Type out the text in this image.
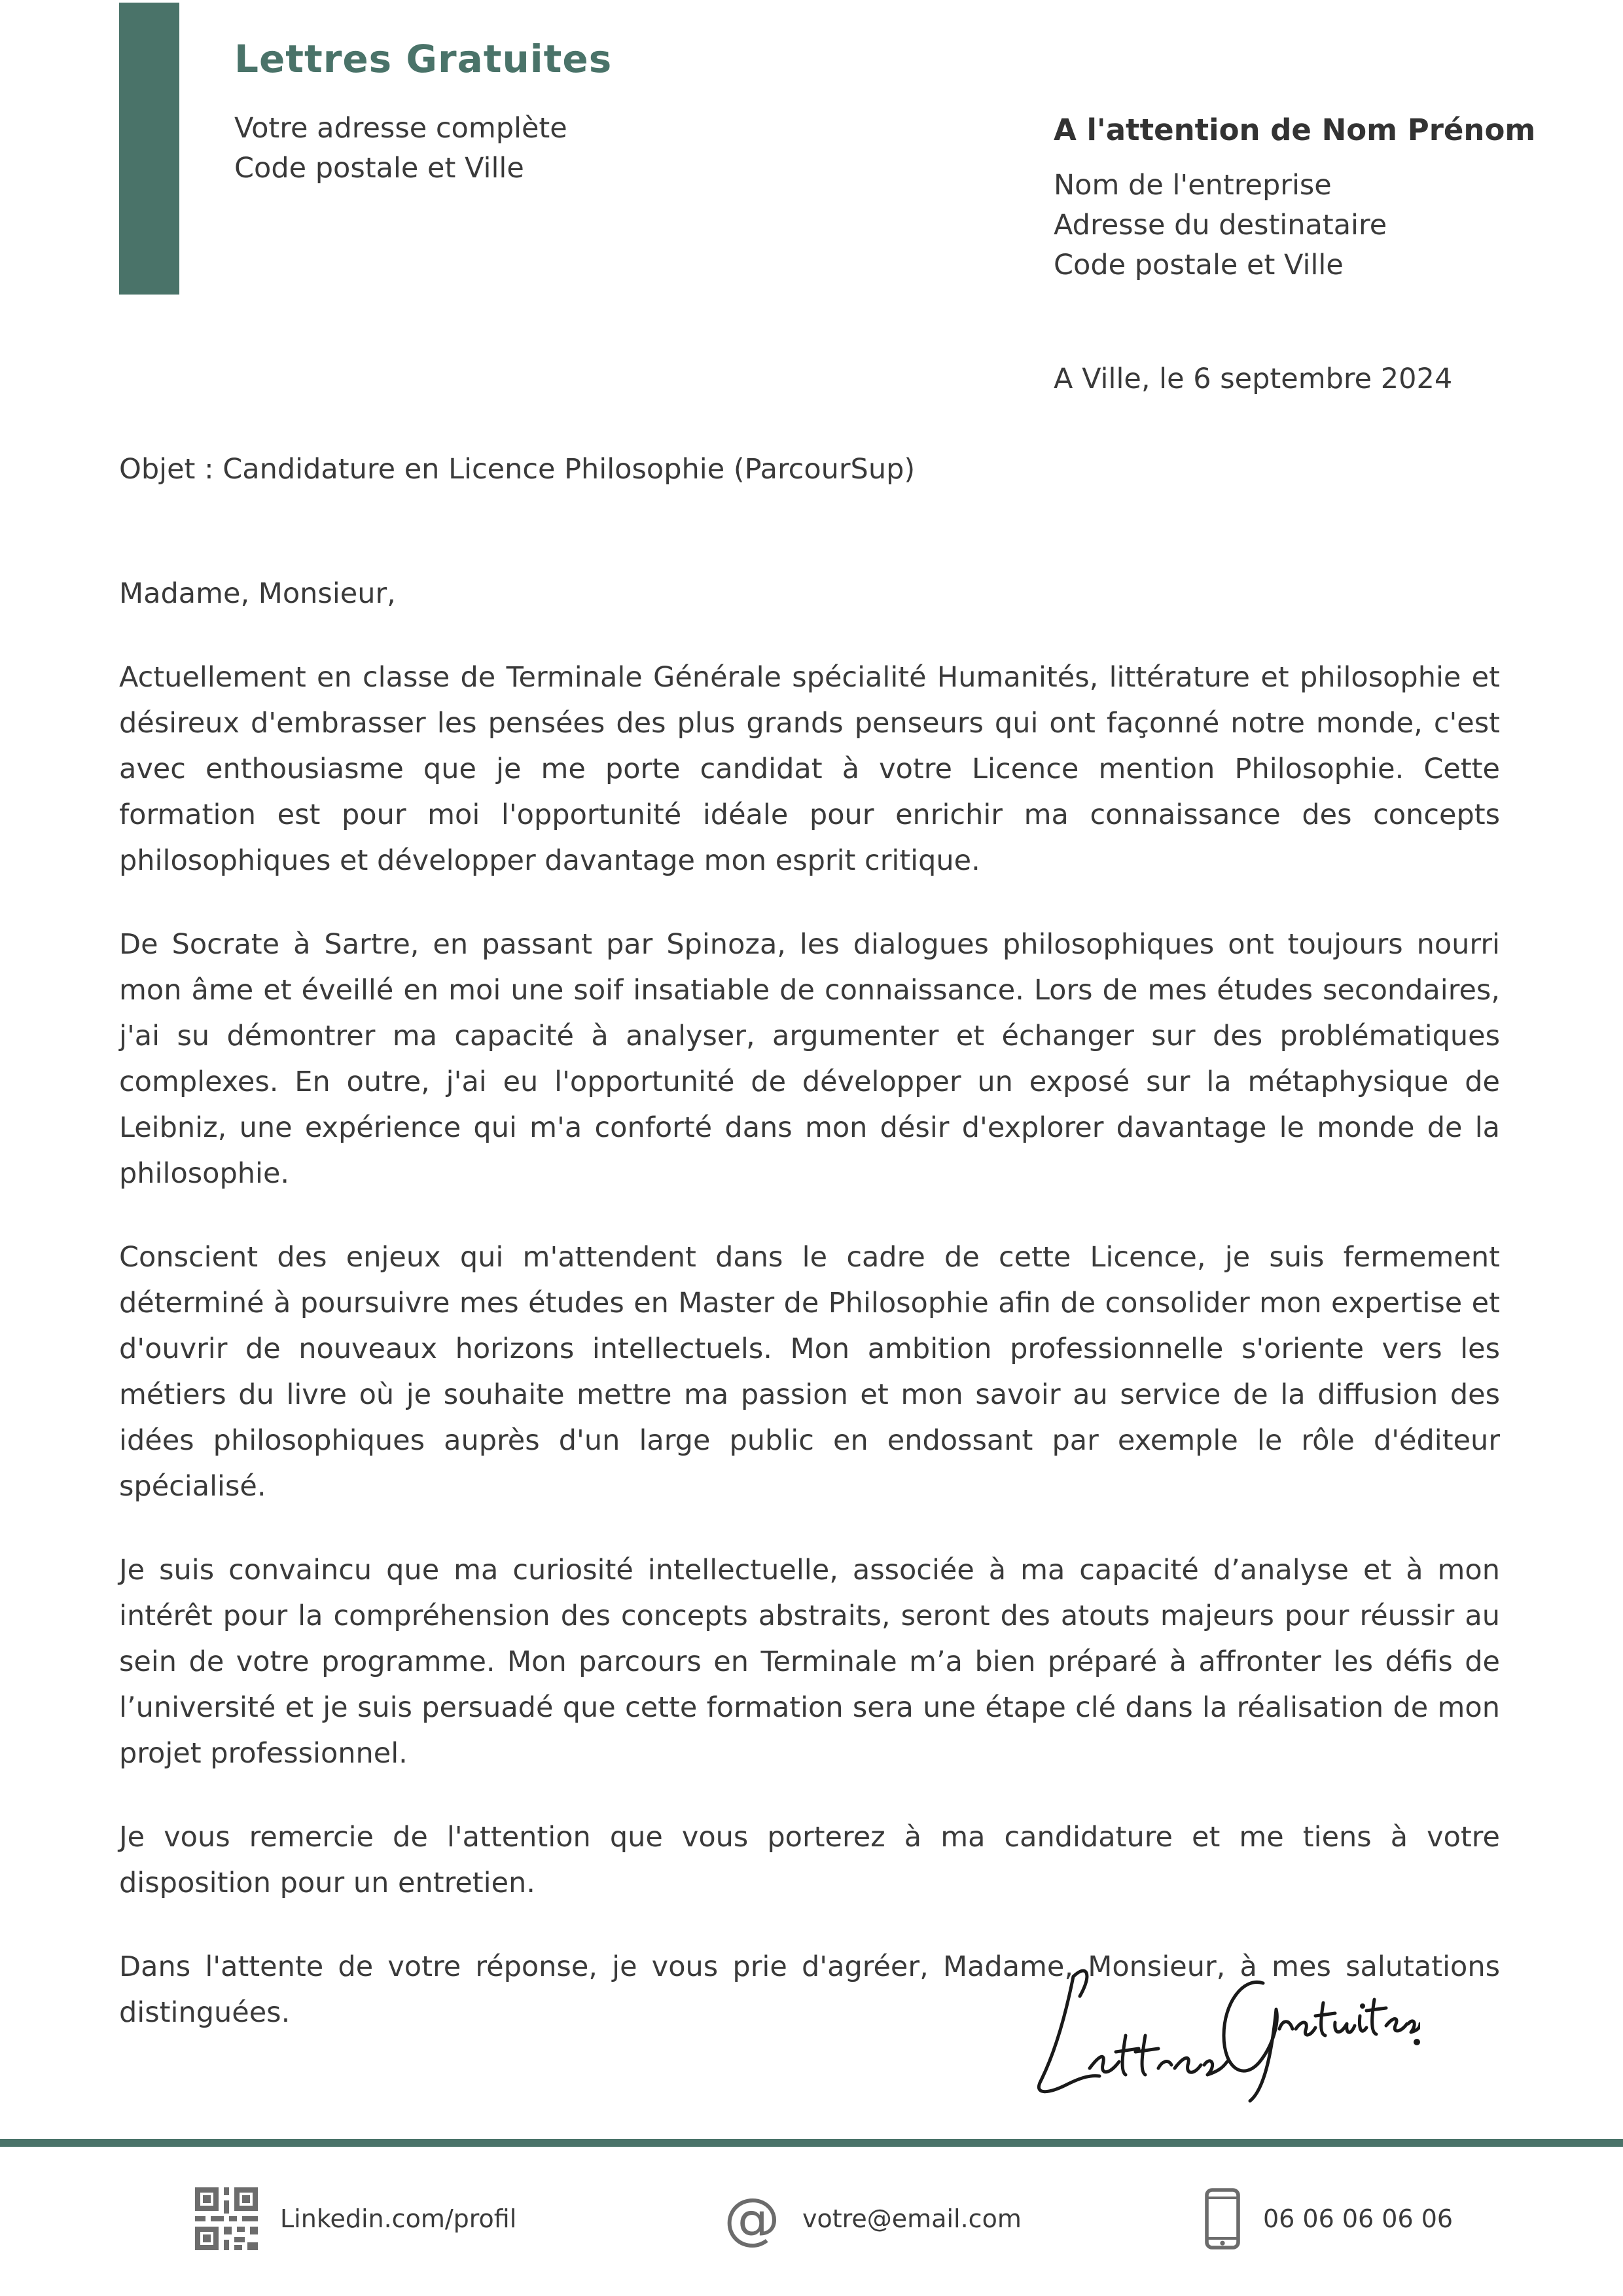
Lettres Gratuites
Votre adresse complète
Code postale et Ville
A l'attention de Nom Prénom
Nom de l'entreprise
Adresse du destinataire
Code postale et Ville
A Ville, le 6 septembre 2024
Objet : Candidature en Licence Philosophie (ParcourSup)

Madame, Monsieur,

Actuellement en classe de Terminale Générale spécialité Humanités, littérature et philosophie et désireux d'embrasser les pensées des plus grands penseurs qui ont façonné notre monde, c'est avec enthousiasme que je me porte candidat à votre Licence mention Philosophie. Cette formation est pour moi l'opportunité idéale pour enrichir ma connaissance des concepts philosophiques et développer davantage mon esprit critique.

De Socrate à Sartre, en passant par Spinoza, les dialogues philosophiques ont toujours nourri mon âme et éveillé en moi une soif insatiable de connaissance. Lors de mes études secondaires, j'ai su démontrer ma capacité à analyser, argumenter et échanger sur des problématiques complexes. En outre, j'ai eu l'opportunité de développer un exposé sur la métaphysique de Leibniz, une expérience qui m'a conforté dans mon désir d'explorer davantage le monde de la philosophie.

Conscient des enjeux qui m'attendent dans le cadre de cette Licence, je suis fermement déterminé à poursuivre mes études en Master de Philosophie afin de consolider mon expertise et d'ouvrir de nouveaux horizons intellectuels. Mon ambition professionnelle s'oriente vers les métiers du livre où je souhaite mettre ma passion et mon savoir au service de la diffusion des idées philosophiques auprès d'un large public en endossant par exemple le rôle d'éditeur spécialisé.

Je suis convaincu que ma curiosité intellectuelle, associée à ma capacité d’analyse et à mon intérêt pour la compréhension des concepts abstraits, seront des atouts majeurs pour réussir au sein de votre programme. Mon parcours en Terminale m’a bien préparé à affronter les défis de l’université et je suis persuadé que cette formation sera une étape clé dans la réalisation de mon projet professionnel.

Je vous remercie de l'attention que vous porterez à ma candidature et me tiens à votre disposition pour un entretien.

Dans l'attente de votre réponse, je vous prie d'agréer, Madame, Monsieur, à mes salutations distinguées.

Linkedin.com/profil	@ votre@email.com	06 06 06 06 06
